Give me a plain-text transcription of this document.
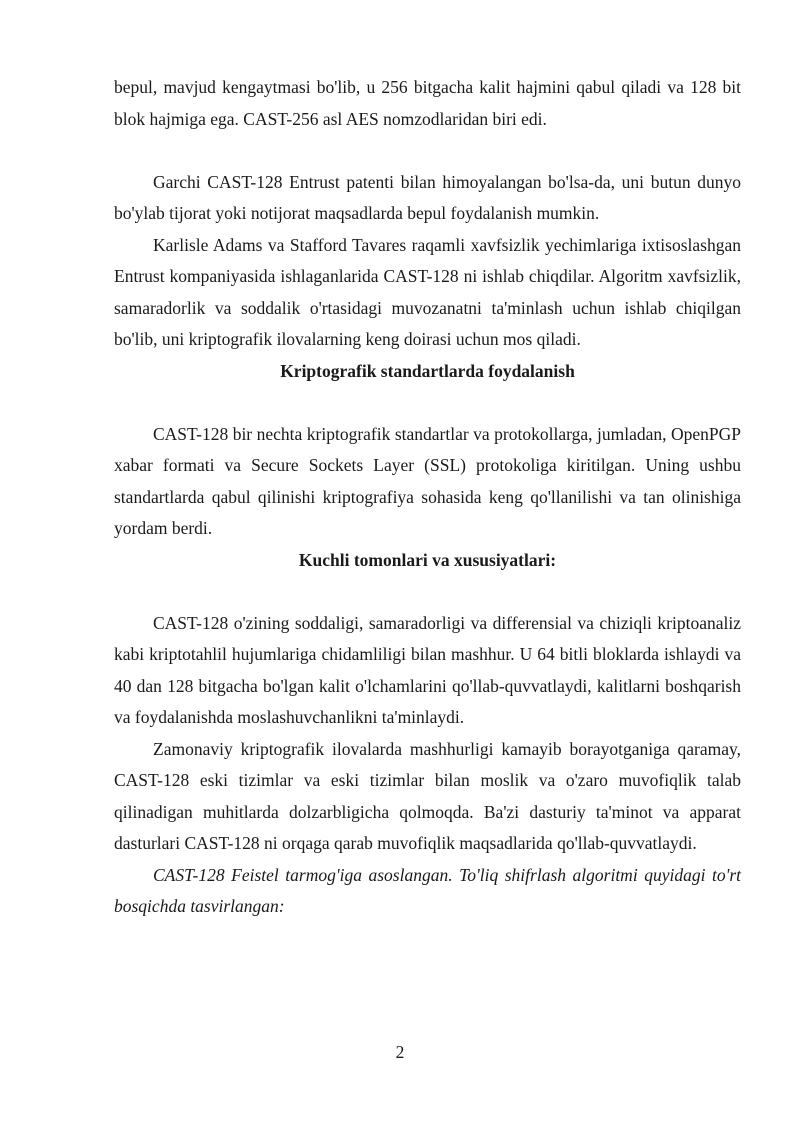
bepul, mavjud kengaytmasi bo'lib, u 256 bitgacha kalit hajmini qabul qiladi va 128 bit blok hajmiga ega. CAST-256 asl AES nomzodlaridan biri edi.

Garchi CAST-128 Entrust patenti bilan himoyalangan bo'lsa-da, uni butun dunyo bo'ylab tijorat yoki notijorat maqsadlarda bepul foydalanish mumkin.

Karlisle Adams va Stafford Tavares raqamli xavfsizlik yechimlariga ixtisoslashgan Entrust kompaniyasida ishlaganlarida CAST-128 ni ishlab chiqdilar. Algoritm xavfsizlik, samaradorlik va soddalik o'rtasidagi muvozanatni ta'minlash uchun ishlab chiqilgan bo'lib, uni kriptografik ilovalarning keng doirasi uchun mos qiladi.

Kriptografik standartlarda foydalanish

CAST-128 bir nechta kriptografik standartlar va protokollarga, jumladan, OpenPGP xabar formati va Secure Sockets Layer (SSL) protokoliga kiritilgan. Uning ushbu standartlarda qabul qilinishi kriptografiya sohasida keng qo'llanilishi va tan olinishiga yordam berdi.

Kuchli tomonlari va xususiyatlari:

CAST-128 o'zining soddaligi, samaradorligi va differensial va chiziqli kriptoanaliz kabi kriptotahlil hujumlariga chidamliligi bilan mashhur. U 64 bitli bloklarda ishlaydi va 40 dan 128 bitgacha bo'lgan kalit o'lchamlarini qo'llab-quvvatlaydi, kalitlarni boshqarish va foydalanishda moslashuvchanlikni ta'minlaydi.

Zamonaviy kriptografik ilovalarda mashhurligi kamayib borayotganiga qaramay, CAST-128 eski tizimlar va eski tizimlar bilan moslik va o'zaro muvofiqlik talab qilinadigan muhitlarda dolzarbligicha qolmoqda. Ba'zi dasturiy ta'minot va apparat dasturlari CAST-128 ni orqaga qarab muvofiqlik maqsadlarida qo'llab-quvvatlaydi.

CAST-128 Feistel tarmog'iga asoslangan. To'liq shifrlash algoritmi quyidagi to'rt bosqichda tasvirlangan:

2
